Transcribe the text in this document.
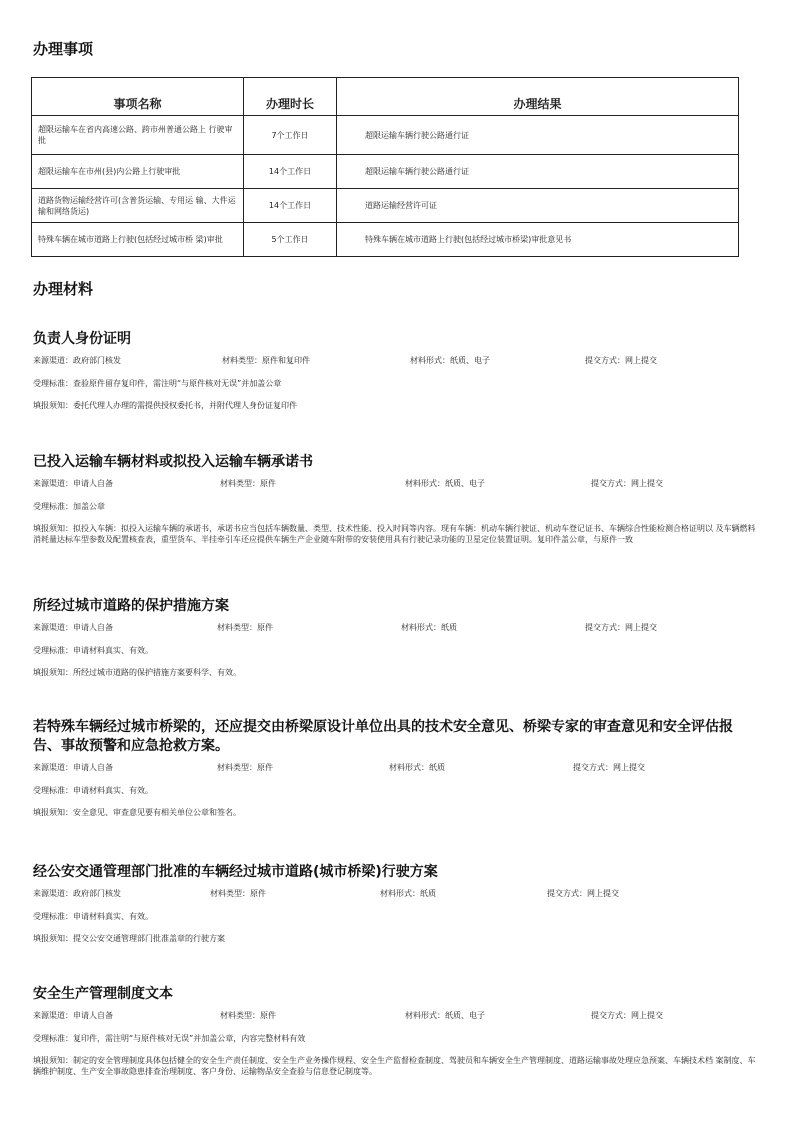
办理事项
事项名称	办理时长	办理结果
超限运输车在省内高速公路、跨市州普通公路上 行驶审批	7个工作日	超限运输车辆行驶公路通行证
超限运输车在市州(县)内公路上行驶审批	14个工作日	超限运输车辆行驶公路通行证
道路货物运输经营许可(含普货运输、专用运 输、大件运输和网络货运)	14个工作日	道路运输经营许可证
特殊车辆在城市道路上行驶(包括经过城市桥 梁)审批	5个工作日	特殊车辆在城市道路上行驶(包括经过城市桥梁)审批意见书
办理材料
负责人身份证明
来源渠道：政府部门核发	材料类型：原件和复印件	材料形式：纸质、电子	提交方式：网上提交
受理标准：查验原件留存复印件，需注明“与原件核对无误”并加盖公章
填报须知：委托代理人办理的需提供授权委托书，并附代理人身份证复印件
已投入运输车辆材料或拟投入运输车辆承诺书
来源渠道：申请人自备	材料类型：原件	材料形式：纸质、电子	提交方式：网上提交
受理标准：加盖公章
填报须知：拟投入车辆：拟投入运输车辆的承诺书，承诺书应当包括车辆数量、类型、技术性能、投入时间等内容。现有车辆：机动车辆行驶证、机动车登记证书、车辆综合性能检测合格证明以 及车辆燃料消耗量达标车型参数及配置核查表，重型货车、半挂牵引车还应提供车辆生产企业随车附带的安装使用具有行驶记录功能的卫星定位装置证明。复印件盖公章，与原件一致
所经过城市道路的保护措施方案
来源渠道：申请人自备	材料类型：原件	材料形式：纸质	提交方式：网上提交
受理标准：申请材料真实、有效。
填报须知：所经过城市道路的保护措施方案要科学、有效。
若特殊车辆经过城市桥梁的，还应提交由桥梁原设计单位出具的技术安全意见、桥梁专家的审查意见和安全评估报告、事故预警和应急抢救方案。
来源渠道：申请人自备	材料类型：原件	材料形式：纸质	提交方式：网上提交
受理标准：申请材料真实、有效。
填报须知：安全意见、审查意见要有相关单位公章和签名。
经公安交通管理部门批准的车辆经过城市道路(城市桥梁)行驶方案
来源渠道：政府部门核发	材料类型：原件	材料形式：纸质	提交方式：网上提交
受理标准：申请材料真实、有效。
填报须知：提交公安交通管理部门批准盖章的行驶方案
安全生产管理制度文本
来源渠道：申请人自备	材料类型：原件	材料形式：纸质、电子	提交方式：网上提交
受理标准：复印件，需注明“与原件核对无误”并加盖公章，内容完整材料有效
填报须知：制定的安全管理制度具体包括健全的安全生产责任制度、安全生产业务操作规程、安全生产监督检查制度、驾驶员和车辆安全生产管理制度、道路运输事故处理应急预案、车辆技术档 案制度、车辆维护制度、生产安全事故隐患排查治理制度、客户身份、运输物品安全查验与信息登记制度等。
